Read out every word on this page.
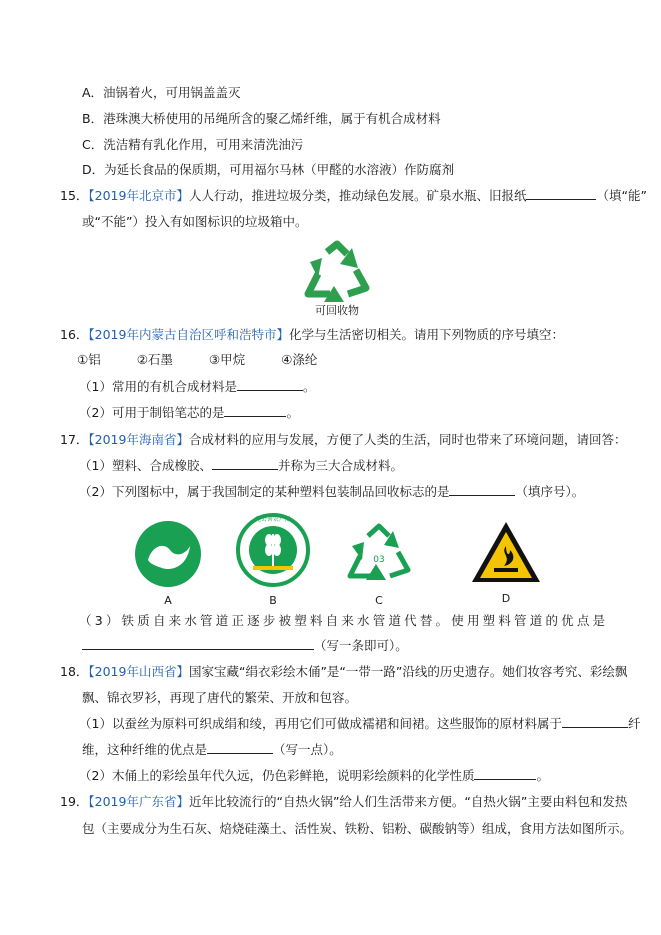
A．油锅着火，可用锅盖盖灭
B．港珠澳大桥使用的吊绳所含的聚乙烯纤维，属于有机合成材料
C．洗洁精有乳化作用，可用来清洗油污
D．为延长食品的保质期，可用福尔马林（甲醛的水溶液）作防腐剂
15．【2019年北京市】人人行动，推进垃圾分类，推动绿色发展。矿泉水瓶、旧报纸	（填“能”
或“不能”）投入有如图标识的垃圾箱中。
可回收物
16．【2019年内蒙古自治区呼和浩特市】化学与生活密切相关。请用下列物质的序号填空：
①铝	②石墨	③甲烷	④涤纶
（1）常用的有机合成材料是	。
（2）可用于制铅笔芯的是	。
17．【2019年海南省】合成材料的应用与发展，方便了人类的生活，同时也带来了环境问题，请回答：
（1）塑料、合成橡胶、	并称为三大合成材料。
（2）下列图标中，属于我国制定的某种塑料包装制品回收标志的是	（填序号）。
A
无公害农产品
B
03
C	D
（3）铁质自来水管道正逐步被塑料自来水管道代替。使用塑料管道的优点是
（写一条即可）。
18．【2019年山西省】国家宝藏“绢衣彩绘木俑”是“一带一路”沿线的历史遗存。她们妆容考究、彩绘飘
飘、锦衣罗衫，再现了唐代的繁荣、开放和包容。
（1）以蚕丝为原料可织成绢和绫，再用它们可做成襦裙和间裙。这些服饰的原材料属于	纤
维，这种纤维的优点是	（写一点）。
（2）木俑上的彩绘虽年代久远，仍色彩鲜艳，说明彩绘颜料的化学性质	。
19．【2019年广东省】近年比较流行的“自热火锅”给人们生活带来方便。“自热火锅”主要由料包和发热
包（主要成分为生石灰、焙烧硅藻土、活性炭、铁粉、铝粉、碳酸钠等）组成，食用方法如图所示。
